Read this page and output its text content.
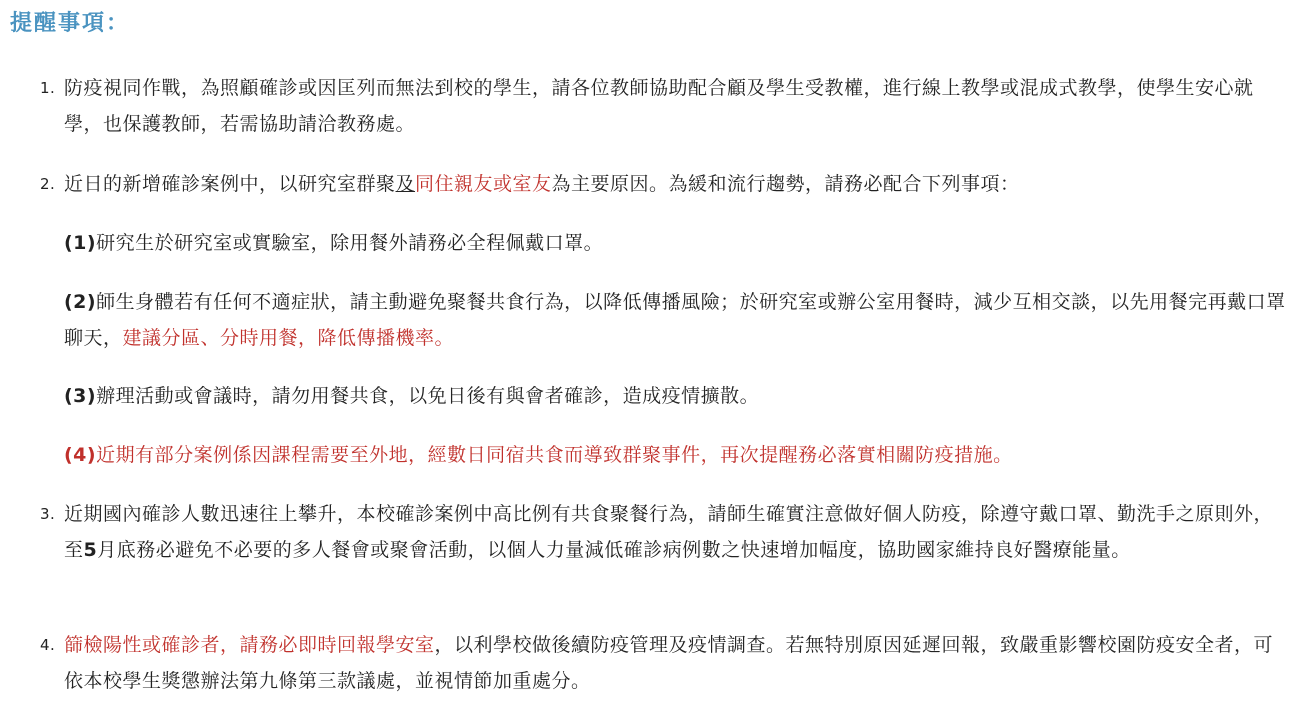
提醒事項：
1. 防疫視同作戰，為照顧確診或因匡列而無法到校的學生，請各位教師協助配合顧及學生受教權，進行線上教學或混成式教學，使學生安心就學，也保護教師，若需協助請洽教務處。
2. 近日的新增確診案例中，以研究室群聚及同住親友或室友為主要原因。為緩和流行趨勢，請務必配合下列事項：
(1)研究生於研究室或實驗室，除用餐外請務必全程佩戴口罩。
(2)師生身體若有任何不適症狀，請主動避免聚餐共食行為，以降低傳播風險；於研究室或辦公室用餐時，減少互相交談，以先用餐完再戴口罩聊天，建議分區、分時用餐，降低傳播機率。
(3)辦理活動或會議時，請勿用餐共食，以免日後有與會者確診，造成疫情擴散。
(4)近期有部分案例係因課程需要至外地，經數日同宿共食而導致群聚事件，再次提醒務必落實相關防疫措施。
3. 近期國內確診人數迅速往上攀升，本校確診案例中高比例有共食聚餐行為，請師生確實注意做好個人防疫，除遵守戴口罩、勤洗手之原則外，至5月底務必避免不必要的多人餐會或聚會活動，以個人力量減低確診病例數之快速增加幅度，協助國家維持良好醫療能量。
4. 篩檢陽性或確診者，請務必即時回報學安室，以利學校做後續防疫管理及疫情調查。若無特別原因延遲回報，致嚴重影響校園防疫安全者，可依本校學生獎懲辦法第九條第三款議處，並視情節加重處分。
